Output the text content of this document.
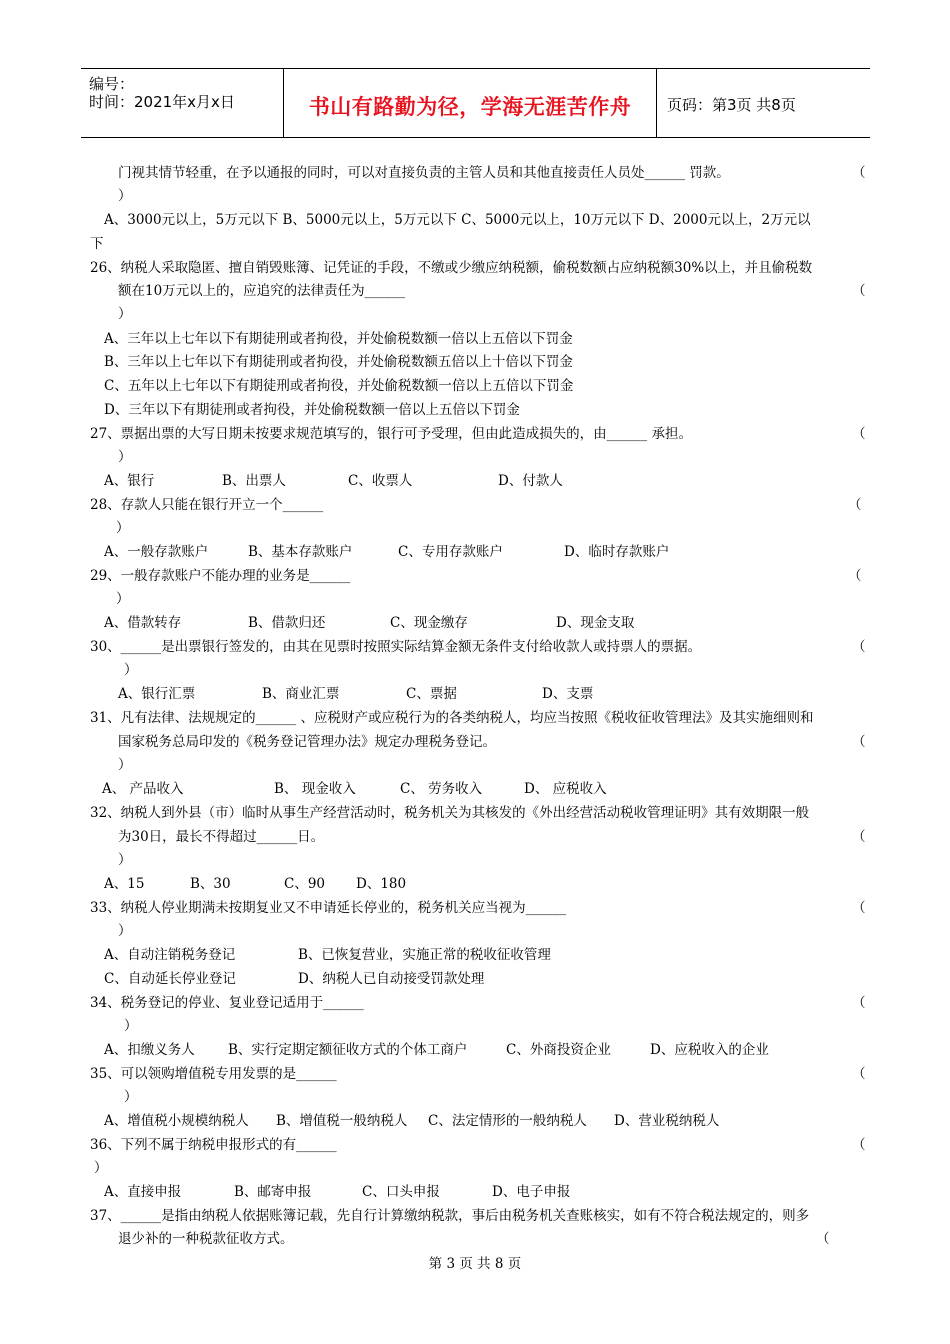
编号：
时间：2021年x月x日	书山有路勤为径，学海无涯苦作舟	页码：第3页 共8页
门视其情节轻重，在予以通报的同时，可以对直接负责的主管人员和其他直接责任人员处______ 罚款。	（
）
A、3000元以上，5万元以下 B、5000元以上，5万元以下 C、5000元以上，10万元以下 D、2000元以上，2万元以
下
26、纳税人采取隐匿、擅自销毁账簿、记凭证的手段，不缴或少缴应纳税额，偷税数额占应纳税额30%以上，并且偷税数
额在10万元以上的，应追究的法律责任为______	（
）
A、三年以上七年以下有期徒刑或者拘役，并处偷税数额一倍以上五倍以下罚金
B、三年以上七年以下有期徒刑或者拘役，并处偷税数额五倍以上十倍以下罚金
C、五年以上七年以下有期徒刑或者拘役，并处偷税数额一倍以上五倍以下罚金
D、三年以下有期徒刑或者拘役，并处偷税数额一倍以上五倍以下罚金
27、票据出票的大写日期未按要求规范填写的，银行可予受理，但由此造成损失的，由______ 承担。	（
）
A、银行	B、出票人	C、收票人	D、付款人
28、存款人只能在银行开立一个______	（
）
A、一般存款账户	B、基本存款账户	C、专用存款账户	D、临时存款账户
29、一般存款账户不能办理的业务是______	（
）
A、借款转存	B、借款归还	C、现金缴存	D、现金支取
30、______是出票银行签发的，由其在见票时按照实际结算金额无条件支付给收款人或持票人的票据。	（
）
A、银行汇票	B、商业汇票	C、票据	D、支票
31、凡有法律、法规规定的______ 、应税财产或应税行为的各类纳税人，均应当按照《税收征收管理法》及其实施细则和
国家税务总局印发的《税务登记管理办法》规定办理税务登记。	（
）
A、 产品收入	B、 现金收入	C、 劳务收入	D、 应税收入
32、纳税人到外县（市）临时从事生产经营活动时，税务机关为其核发的《外出经营活动税收管理证明》其有效期限一般
为30日，最长不得超过______日。	（
）
A、15	B、30	C、90 D、180
33、纳税人停业期满未按期复业又不申请延长停业的，税务机关应当视为______	（
）
A、自动注销税务登记	B、已恢复营业，实施正常的税收征收管理
C、自动延长停业登记	D、纳税人已自动接受罚款处理
34、税务登记的停业、复业登记适用于______	（
）
A、扣缴义务人 B、实行定期定额征收方式的个体工商户	C、外商投资企业	D、应税收入的企业
35、可以领购增值税专用发票的是______	（
）
A、增值税小规模纳税人 B、增值税一般纳税人 C、法定情形的一般纳税人 D、营业税纳税人
36、下列不属于纳税申报形式的有______	（
）
A、直接申报	B、邮寄申报	C、口头申报	D、电子申报
37、______是指由纳税人依据账簿记载，先自行计算缴纳税款，事后由税务机关查账核实，如有不符合税法规定的，则多
退少补的一种税款征收方式。	（
第 3 页 共 8 页
